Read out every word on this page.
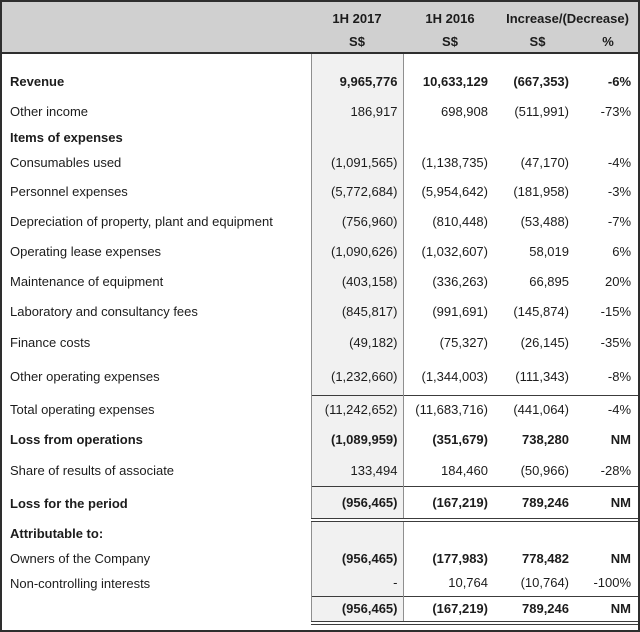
	1H 2017	1H 2016	Increase/(Decrease)	
	S$	S$	S$	%
Revenue	9,965,776	10,633,129	(667,353)	-6%
Other income	186,917	698,908	(511,991)	-73%
Items of expenses				
Consumables used	(1,091,565)	(1,138,735)	(47,170)	-4%
Personnel expenses	(5,772,684)	(5,954,642)	(181,958)	-3%
Depreciation of property, plant and equipment	(756,960)	(810,448)	(53,488)	-7%
Operating lease expenses	(1,090,626)	(1,032,607)	58,019	6%
Maintenance of equipment	(403,158)	(336,263)	66,895	20%
Laboratory and consultancy fees	(845,817)	(991,691)	(145,874)	-15%
Finance costs	(49,182)	(75,327)	(26,145)	-35%
Other operating expenses	(1,232,660)	(1,344,003)	(111,343)	-8%
Total operating expenses	(11,242,652)	(11,683,716)	(441,064)	-4%
Loss from operations	(1,089,959)	(351,679)	738,280	NM
Share of results of associate	133,494	184,460	(50,966)	-28%
Loss for the period	(956,465)	(167,219)	789,246	NM
Attributable to:				
Owners of the Company	(956,465)	(177,983)	778,482	NM
Non-controlling interests	-	10,764	(10,764)	-100%
	(956,465)	(167,219)	789,246	NM
